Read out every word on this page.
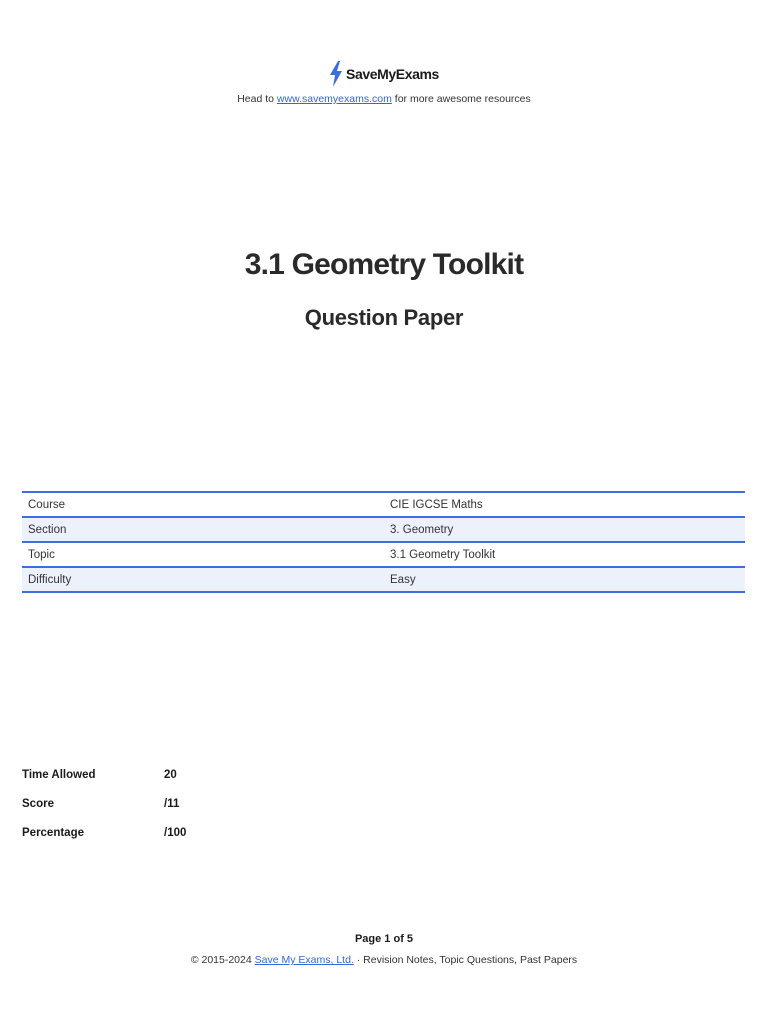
SaveMyExams
Head to www.savemyexams.com for more awesome resources
3.1 Geometry Toolkit
Question Paper
Course	CIE IGCSE Maths
Section	3. Geometry
Topic	3.1 Geometry Toolkit
Difficulty	Easy
Time Allowed	20
Score	/11
Percentage	/100
Page 1 of 5
© 2015-2024 Save My Exams, Ltd. · Revision Notes, Topic Questions, Past Papers
